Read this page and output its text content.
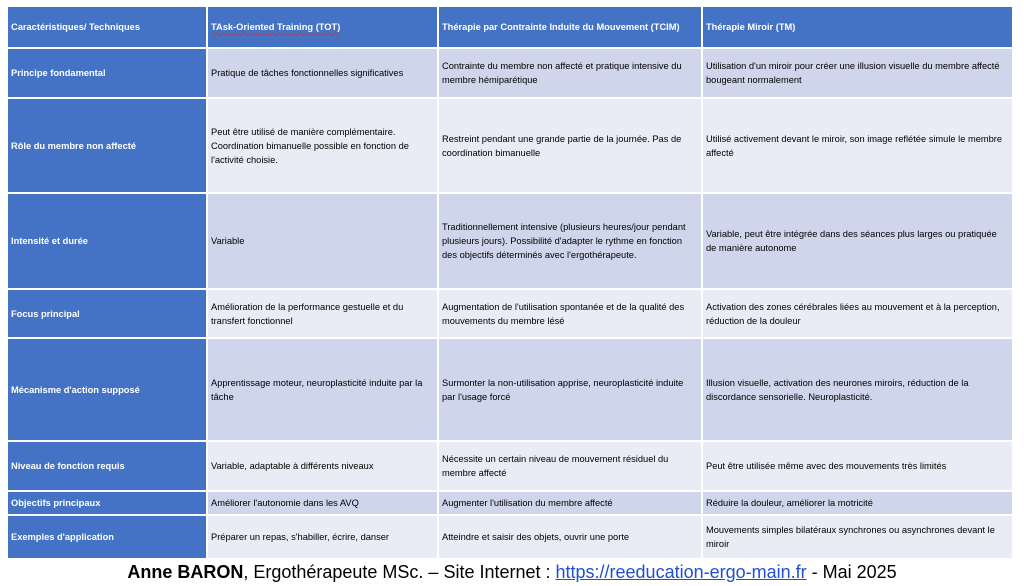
Caractéristiques/ Techniques	TAsk-Oriented Training (TOT)	Thérapie par Contrainte Induite du Mouvement (TCIM)	Thérapie Miroir (TM)
Principe fondamental	Pratique de tâches fonctionnelles significatives	Contrainte du membre non affecté et pratique intensive du membre hémiparétique	Utilisation d'un miroir pour créer une illusion visuelle du membre affecté bougeant normalement
Rôle du membre non affecté	Peut être utilisé de manière complémentaire. Coordination bimanuelle possible en fonction de l'activité choisie.	Restreint pendant une grande partie de la journée. Pas de coordination bimanuelle	Utilisé activement devant le miroir, son image reflétée simule le membre affecté
Intensité et durée	Variable	Traditionnellement intensive (plusieurs heures/jour pendant plusieurs jours). Possibilité d'adapter le rythme en fonction des objectifs déterminés avec l'ergothérapeute.	Variable, peut être intégrée dans des séances plus larges ou pratiquée de manière autonome
Focus principal	Amélioration de la performance gestuelle et du transfert fonctionnel	Augmentation de l'utilisation spontanée et de la qualité des mouvements du membre lésé	Activation des zones cérébrales liées au mouvement et à la perception, réduction de la douleur
Mécanisme d'action supposé	Apprentissage moteur, neuroplasticité induite par la tâche	Surmonter la non-utilisation apprise, neuroplasticité induite par l'usage forcé	Illusion visuelle, activation des neurones miroirs, réduction de la discordance sensorielle. Neuroplasticité.
Niveau de fonction requis	Variable, adaptable à différents niveaux	Nécessite un certain niveau de mouvement résiduel du membre affecté	Peut être utilisée même avec des mouvements très limités
Objectifs principaux	Améliorer l'autonomie dans les AVQ	Augmenter l'utilisation du membre affecté	Réduire la douleur, améliorer la motricité
Exemples d'application	Préparer un repas, s'habiller, écrire, danser	Atteindre et saisir des objets, ouvrir une porte	Mouvements simples bilatéraux synchrones ou asynchrones devant le miroir
Anne BARON, Ergothérapeute MSc. – Site Internet : https://reeducation-ergo-main.fr - Mai 2025
